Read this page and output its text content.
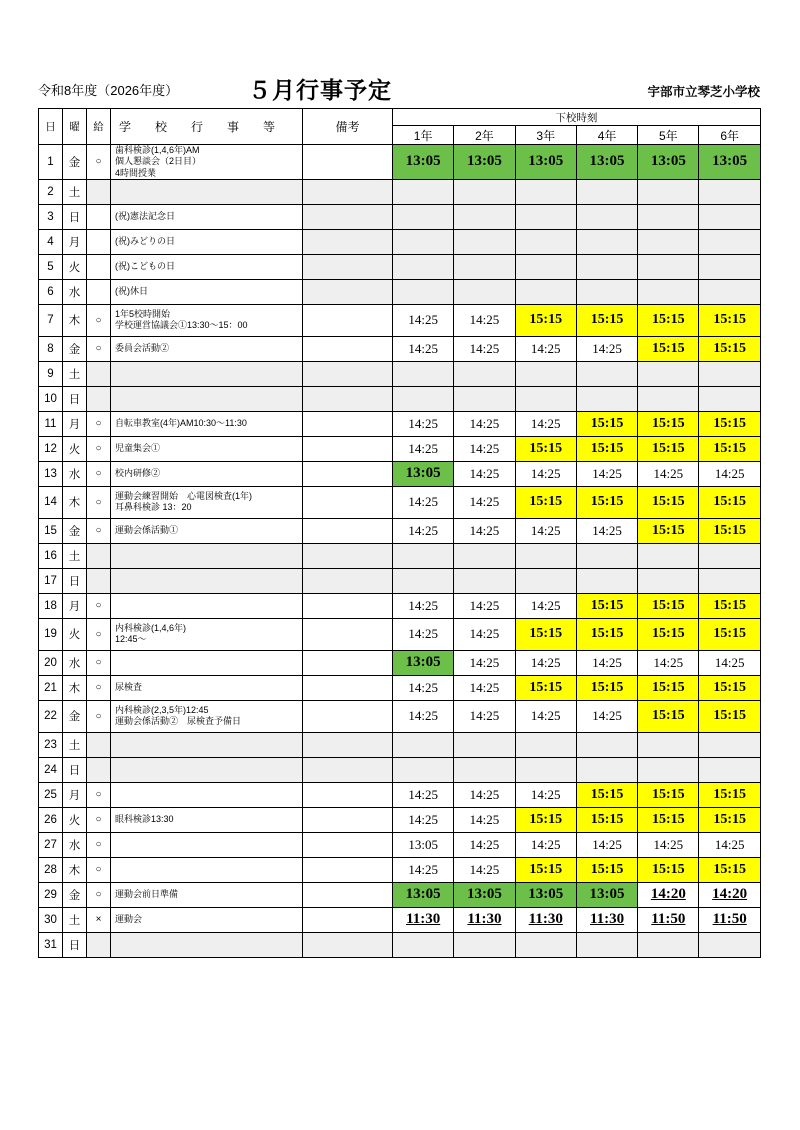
令和8年度（2026年度）	５月行事予定	宇部市立琴芝小学校
日	曜	給	学　校　行　事　等	備考	下校時刻					
					1年	2年	3年	4年	5年	6年
1	金	○	歯科検診(1,4,6年)AM
個人懇談会（2日目）
4時間授業		13:05	13:05	13:05	13:05	13:05	13:05
2	土									
3	日		(祝)憲法記念日							
4	月		(祝)みどりの日							
5	火		(祝)こどもの日							
6	水		(祝)休日							
7	木	○	1年5校時開始
学校運営協議会①13:30～15：00		14:25	14:25	15:15	15:15	15:15	15:15
8	金	○	委員会活動②		14:25	14:25	14:25	14:25	15:15	15:15
9	土									
10	日									
11	月	○	自転車教室(4年)AM10:30～11:30		14:25	14:25	14:25	15:15	15:15	15:15
12	火	○	児童集会①		14:25	14:25	15:15	15:15	15:15	15:15
13	水	○	校内研修②		13:05	14:25	14:25	14:25	14:25	14:25
14	木	○	運動会練習開始　心電図検査(1年)
耳鼻科検診 13：20		14:25	14:25	15:15	15:15	15:15	15:15
15	金	○	運動会係活動①		14:25	14:25	14:25	14:25	15:15	15:15
16	土									
17	日									
18	月	○			14:25	14:25	14:25	15:15	15:15	15:15
19	火	○	内科検診(1,4,6年)
12:45～		14:25	14:25	15:15	15:15	15:15	15:15
20	水	○			13:05	14:25	14:25	14:25	14:25	14:25
21	木	○	尿検査		14:25	14:25	15:15	15:15	15:15	15:15
22	金	○	内科検診(2,3,5年)12:45
運動会係活動②　尿検査予備日		14:25	14:25	14:25	14:25	15:15	15:15
23	土									
24	日									
25	月	○			14:25	14:25	14:25	15:15	15:15	15:15
26	火	○	眼科検診13:30		14:25	14:25	15:15	15:15	15:15	15:15
27	水	○			13:05	14:25	14:25	14:25	14:25	14:25
28	木	○			14:25	14:25	15:15	15:15	15:15	15:15
29	金	○	運動会前日準備		13:05	13:05	13:05	13:05	14:20	14:20
30	土	×	運動会		11:30	11:30	11:30	11:30	11:50	11:50
31	日									
